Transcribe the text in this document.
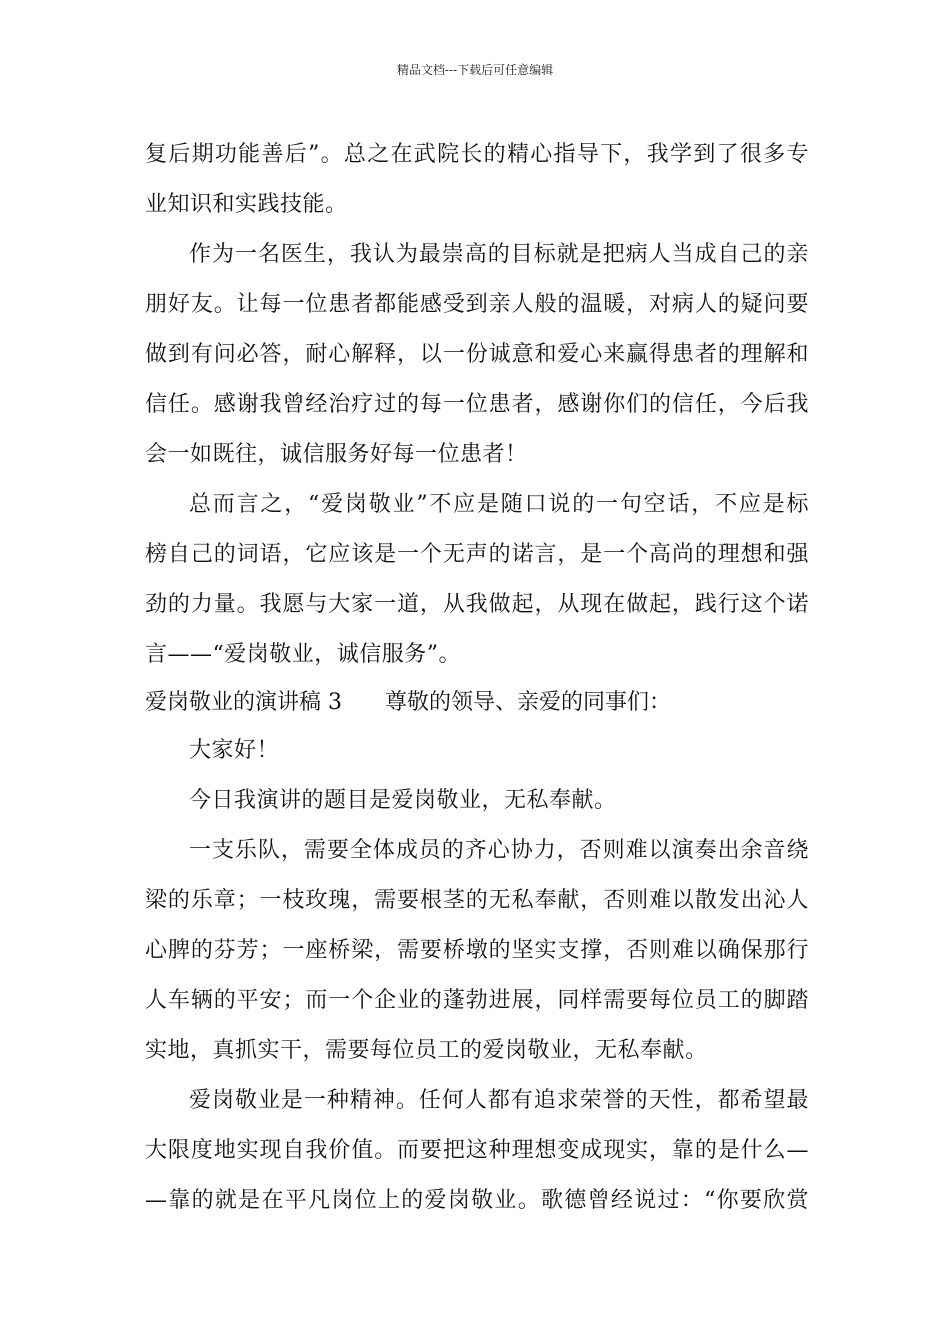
精品文档---下载后可任意编辑
复后期功能善后”。总之在武院长的精心指导下，我学到了很多专
业知识和实践技能。
作为一名医生，我认为最崇高的目标就是把病人当成自己的亲
朋好友。让每一位患者都能感受到亲人般的温暖，对病人的疑问要
做到有问必答，耐心解释，以一份诚意和爱心来赢得患者的理解和
信任。感谢我曾经治疗过的每一位患者，感谢你们的信任，今后我
会一如既往，诚信服务好每一位患者！
总而言之，“爱岗敬业”不应是随口说的一句空话，不应是标
榜自己的词语，它应该是一个无声的诺言，是一个高尚的理想和强
劲的力量。我愿与大家一道，从我做起，从现在做起，践行这个诺
言——“爱岗敬业，诚信服务”。
爱岗敬业的演讲稿 3	尊敬的领导、亲爱的同事们：
大家好！
今日我演讲的题目是爱岗敬业，无私奉献。
一支乐队，需要全体成员的齐心协力，否则难以演奏出余音绕
梁的乐章；一枝玫瑰，需要根茎的无私奉献，否则难以散发出沁人
心脾的芬芳；一座桥梁，需要桥墩的坚实支撑，否则难以确保那行
人车辆的平安；而一个企业的蓬勃进展，同样需要每位员工的脚踏
实地，真抓实干，需要每位员工的爱岗敬业，无私奉献。
爱岗敬业是一种精神。任何人都有追求荣誉的天性，都希望最
大限度地实现自我价值。而要把这种理想变成现实，靠的是什么—
—靠的就是在平凡岗位上的爱岗敬业。歌德曾经说过：“你要欣赏
